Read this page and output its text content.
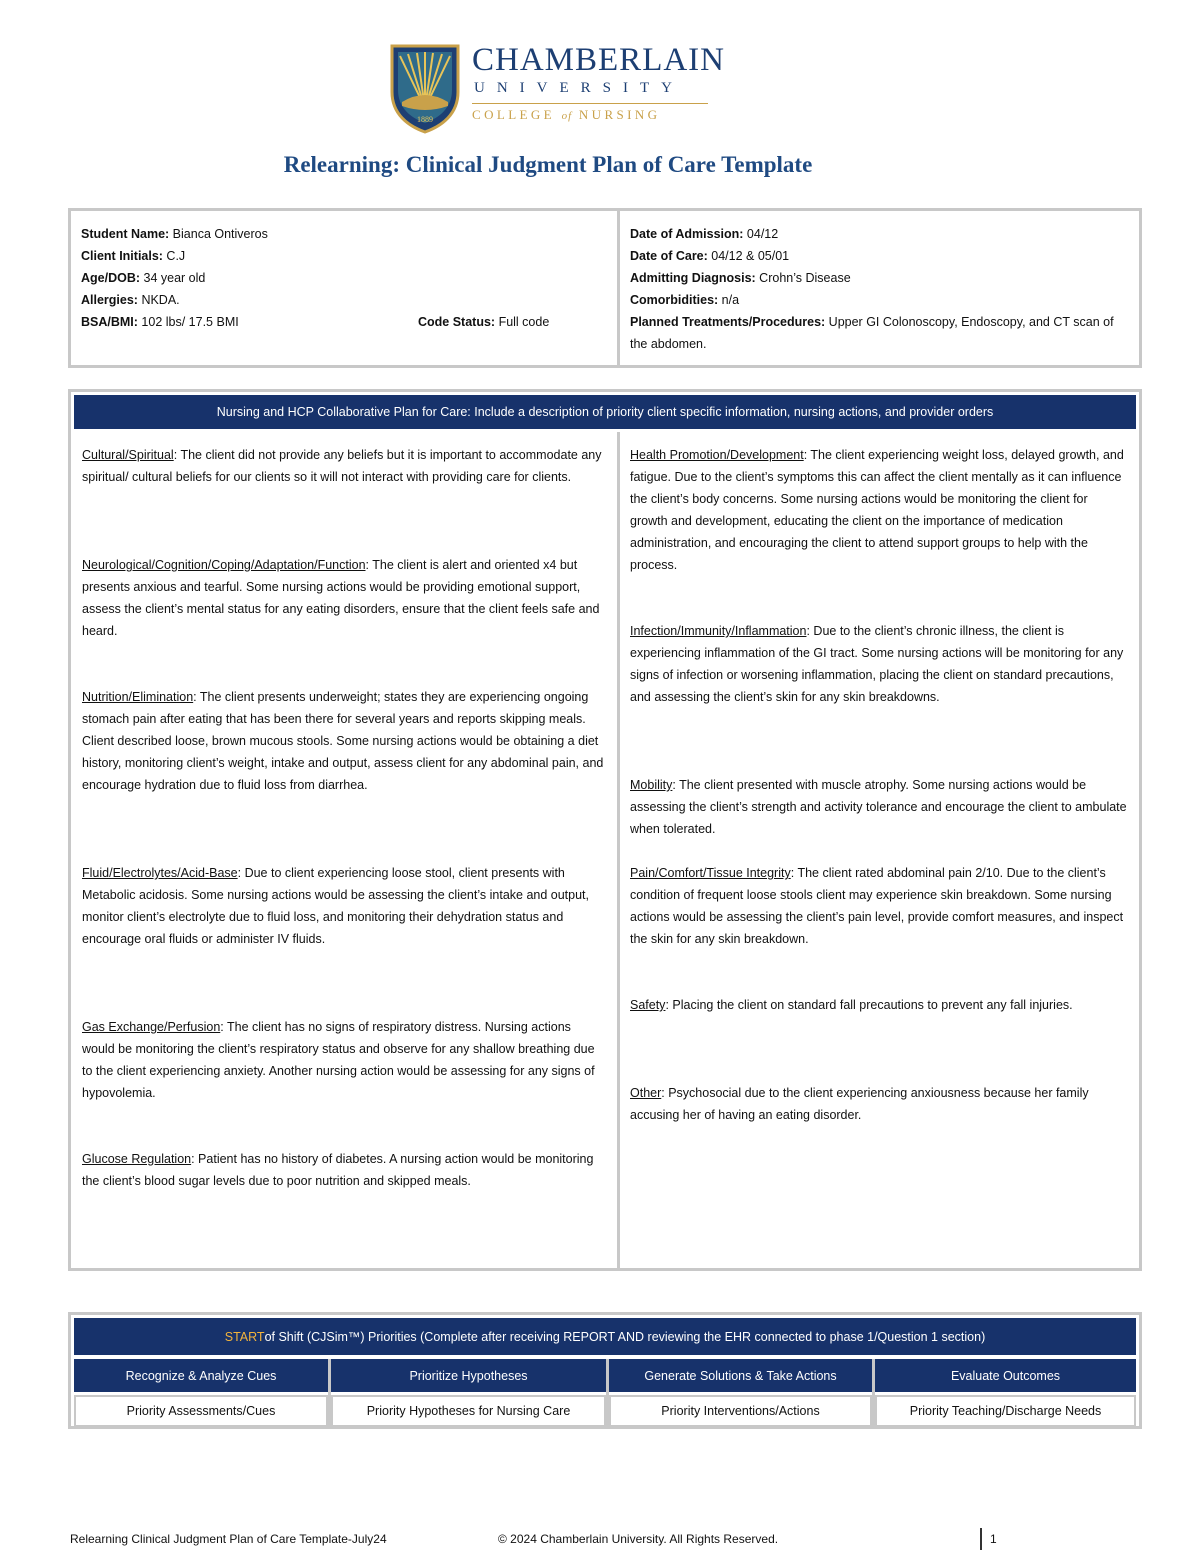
1889
CHAMBERLAIN
UNIVERSITY
COLLEGE of NURSING
Relearning: Clinical Judgment Plan of Care Template
Student Name: Bianca Ontiveros
Client Initials: C.J
Age/DOB: 34 year old
Allergies: NKDA.
BSA/BMI: 102 lbs/ 17.5 BMI	Code Status: Full code
Date of Admission: 04/12
Date of Care: 04/12 & 05/01
Admitting Diagnosis: Crohn’s Disease
Comorbidities: n/a
Planned Treatments/Procedures: Upper GI Colonoscopy, Endoscopy, and CT scan of the abdomen.
Nursing and HCP Collaborative Plan for Care: Include a description of priority client specific information, nursing actions, and provider orders
Cultural/Spiritual: The client did not provide any beliefs but it is important to accommodate any spiritual/ cultural beliefs for our clients so it will not interact with providing care for clients.
Neurological/Cognition/Coping/Adaptation/Function: The client is alert and oriented x4 but presents anxious and tearful. Some nursing actions would be providing emotional support, assess the client’s mental status for any eating disorders, ensure that the client feels safe and heard.
Nutrition/Elimination: The client presents underweight; states they are experiencing ongoing stomach pain after eating that has been there for several years and reports skipping meals. Client described loose, brown mucous stools. Some nursing actions would be obtaining a diet history, monitoring client’s weight, intake and output, assess client for any abdominal pain, and encourage hydration due to fluid loss from diarrhea.
Fluid/Electrolytes/Acid-Base: Due to client experiencing loose stool, client presents with Metabolic acidosis. Some nursing actions would be assessing the client’s intake and output, monitor client’s electrolyte due to fluid loss, and monitoring their dehydration status and encourage oral fluids or administer IV fluids.
Gas Exchange/Perfusion: The client has no signs of respiratory distress. Nursing actions would be monitoring the client’s respiratory status and observe for any shallow breathing due to the client experiencing anxiety. Another nursing action would be assessing for any signs of hypovolemia.
Glucose Regulation: Patient has no history of diabetes. A nursing action would be monitoring the client’s blood sugar levels due to poor nutrition and skipped meals.
Health Promotion/Development: The client experiencing weight loss, delayed growth, and fatigue. Due to the client’s symptoms this can affect the client mentally as it can influence the client’s body concerns. Some nursing actions would be monitoring the client for growth and development, educating the client on the importance of medication administration, and encouraging the client to attend support groups to help with the process.
Infection/Immunity/Inflammation: Due to the client’s chronic illness, the client is experiencing inflammation of the GI tract. Some nursing actions will be monitoring for any signs of infection or worsening inflammation, placing the client on standard precautions, and assessing the client’s skin for any skin breakdowns.
Mobility: The client presented with muscle atrophy. Some nursing actions would be assessing the client’s strength and activity tolerance and encourage the client to ambulate when tolerated.
Pain/Comfort/Tissue Integrity: The client rated abdominal pain 2/10. Due to the client’s condition of frequent loose stools client may experience skin breakdown. Some nursing actions would be assessing the client’s pain level, provide comfort measures, and inspect the skin for any skin breakdown.
Safety: Placing the client on standard fall precautions to prevent any fall injuries.
Other: Psychosocial due to the client experiencing anxiousness because her family accusing her of having an eating disorder.
START of Shift (CJSim™) Priorities (Complete after receiving REPORT AND reviewing the EHR connected to phase 1/Question 1 section)
Recognize & Analyze Cues	Prioritize Hypotheses	Generate Solutions & Take Actions	Evaluate Outcomes
Priority Assessments/Cues	Priority Hypotheses for Nursing Care	Priority Interventions/Actions	Priority Teaching/Discharge Needs
Relearning Clinical Judgment Plan of Care Template-July24	© 2024 Chamberlain University. All Rights Reserved.	1
